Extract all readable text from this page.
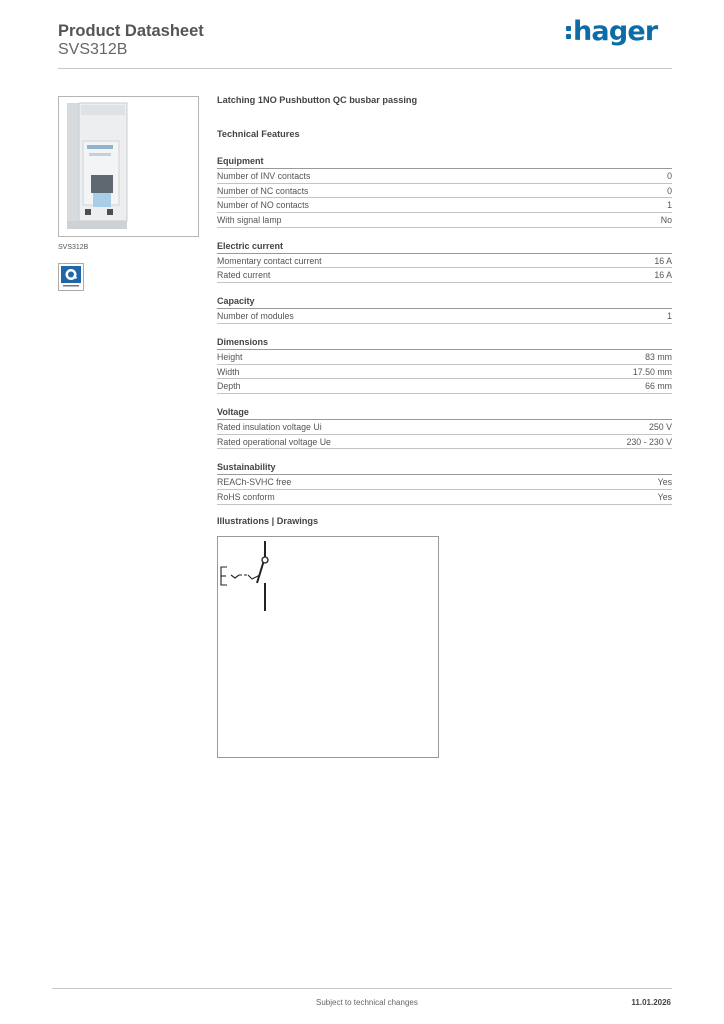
Product Datasheet
SVS312B
hager
SVS312B
Latching 1NO Pushbutton QC busbar passing
Technical Features
Equipment
Number of INV contacts	0
Number of NC contacts	0
Number of NO contacts	1
With signal lamp	No
Electric current
Momentary contact current	16 A
Rated current	16 A
Capacity
Number of modules	1
Dimensions
Height	83 mm
Width	17.50 mm
Depth	66 mm
Voltage
Rated insulation voltage Ui	250 V
Rated operational voltage Ue	230 - 230 V
Sustainability
REACh-SVHC free	Yes
RoHS conform	Yes
Illustrations | Drawings
Subject to technical changes	11.01.2026
